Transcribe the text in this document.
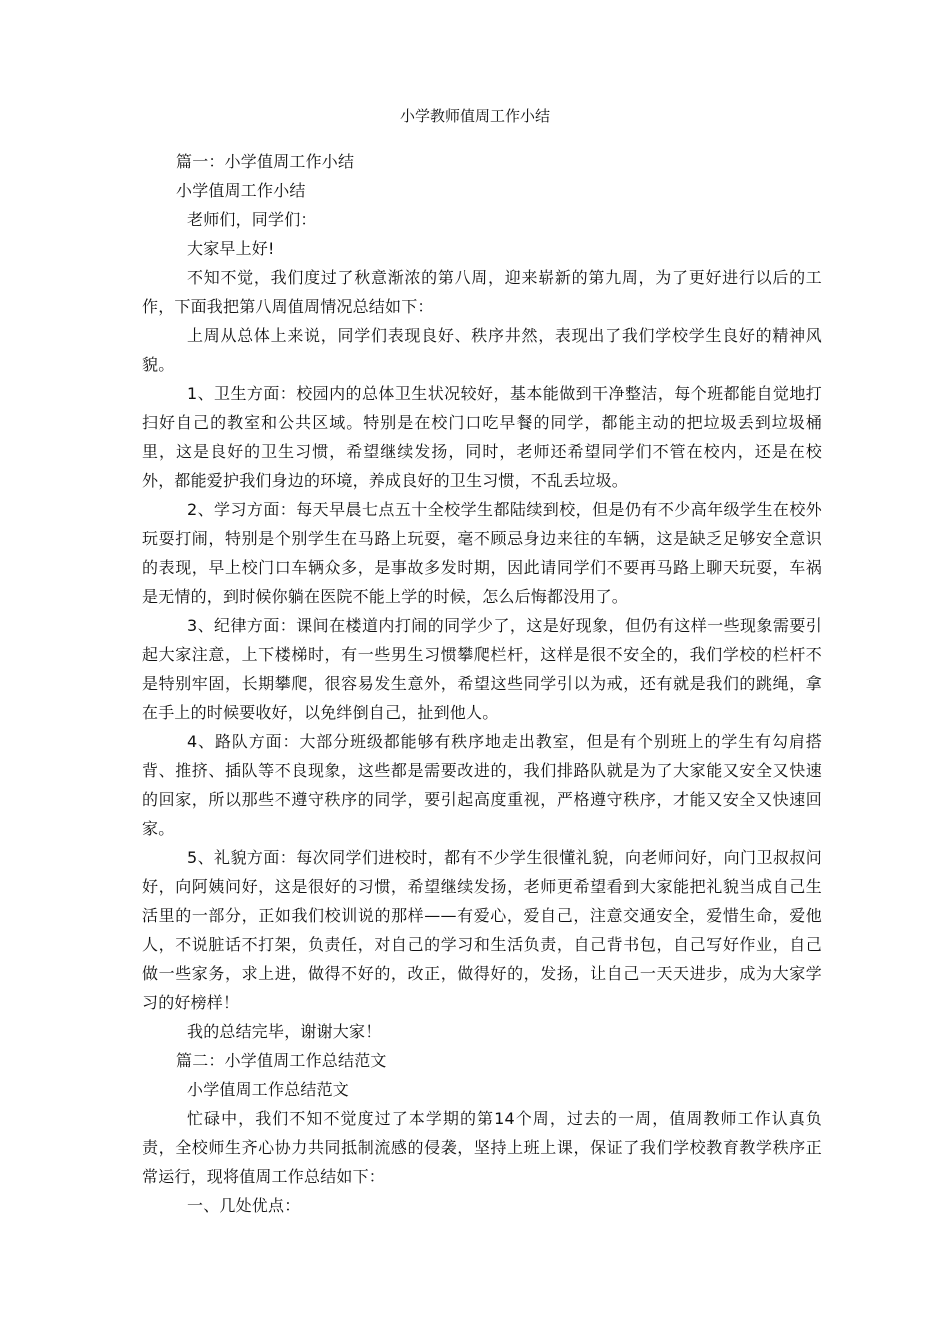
小学教师值周工作小结

篇一：小学值周工作小结

小学值周工作小结

老师们，同学们：

大家早上好!

不知不觉，我们度过了秋意渐浓的第八周，迎来崭新的第九周，为了更好进行以后的工作，下面我把第八周值周情况总结如下：

上周从总体上来说，同学们表现良好、秩序井然，表现出了我们学校学生良好的精神风貌。

1、卫生方面：校园内的总体卫生状况较好，基本能做到干净整洁，每个班都能自觉地打扫好自己的教室和公共区域。特别是在校门口吃早餐的同学，都能主动的把垃圾丢到垃圾桶里，这是良好的卫生习惯，希望继续发扬，同时，老师还希望同学们不管在校内，还是在校外，都能爱护我们身边的环境，养成良好的卫生习惯，不乱丢垃圾。

2、学习方面：每天早晨七点五十全校学生都陆续到校，但是仍有不少高年级学生在校外玩耍打闹，特别是个别学生在马路上玩耍，毫不顾忌身边来往的车辆，这是缺乏足够安全意识的表现，早上校门口车辆众多，是事故多发时期，因此请同学们不要再马路上聊天玩耍，车祸是无情的，到时候你躺在医院不能上学的时候，怎么后悔都没用了。

3、纪律方面：课间在楼道内打闹的同学少了，这是好现象，但仍有这样一些现象需要引起大家注意，上下楼梯时，有一些男生习惯攀爬栏杆，这样是很不安全的，我们学校的栏杆不是特别牢固，长期攀爬，很容易发生意外，希望这些同学引以为戒，还有就是我们的跳绳，拿在手上的时候要收好，以免绊倒自己，扯到他人。

4、路队方面：大部分班级都能够有秩序地走出教室，但是有个别班上的学生有勾肩搭背、推挤、插队等不良现象，这些都是需要改进的，我们排路队就是为了大家能又安全又快速的回家，所以那些不遵守秩序的同学，要引起高度重视，严格遵守秩序，才能又安全又快速回家。

5、礼貌方面：每次同学们进校时，都有不少学生很懂礼貌，向老师问好，向门卫叔叔问好，向阿姨问好，这是很好的习惯，希望继续发扬，老师更希望看到大家能把礼貌当成自己生活里的一部分，正如我们校训说的那样——有爱心，爱自己，注意交通安全，爱惜生命，爱他人，不说脏话不打架，负责任，对自己的学习和生活负责，自己背书包，自己写好作业，自己做一些家务，求上进，做得不好的，改正，做得好的，发扬，让自己一天天进步，成为大家学习的好榜样！

我的总结完毕，谢谢大家！

篇二：小学值周工作总结范文

小学值周工作总结范文

忙碌中，我们不知不觉度过了本学期的第14个周，过去的一周，值周教师工作认真负责，全校师生齐心协力共同抵制流感的侵袭，坚持上班上课，保证了我们学校教育教学秩序正常运行，现将值周工作总结如下：

一、几处优点：
